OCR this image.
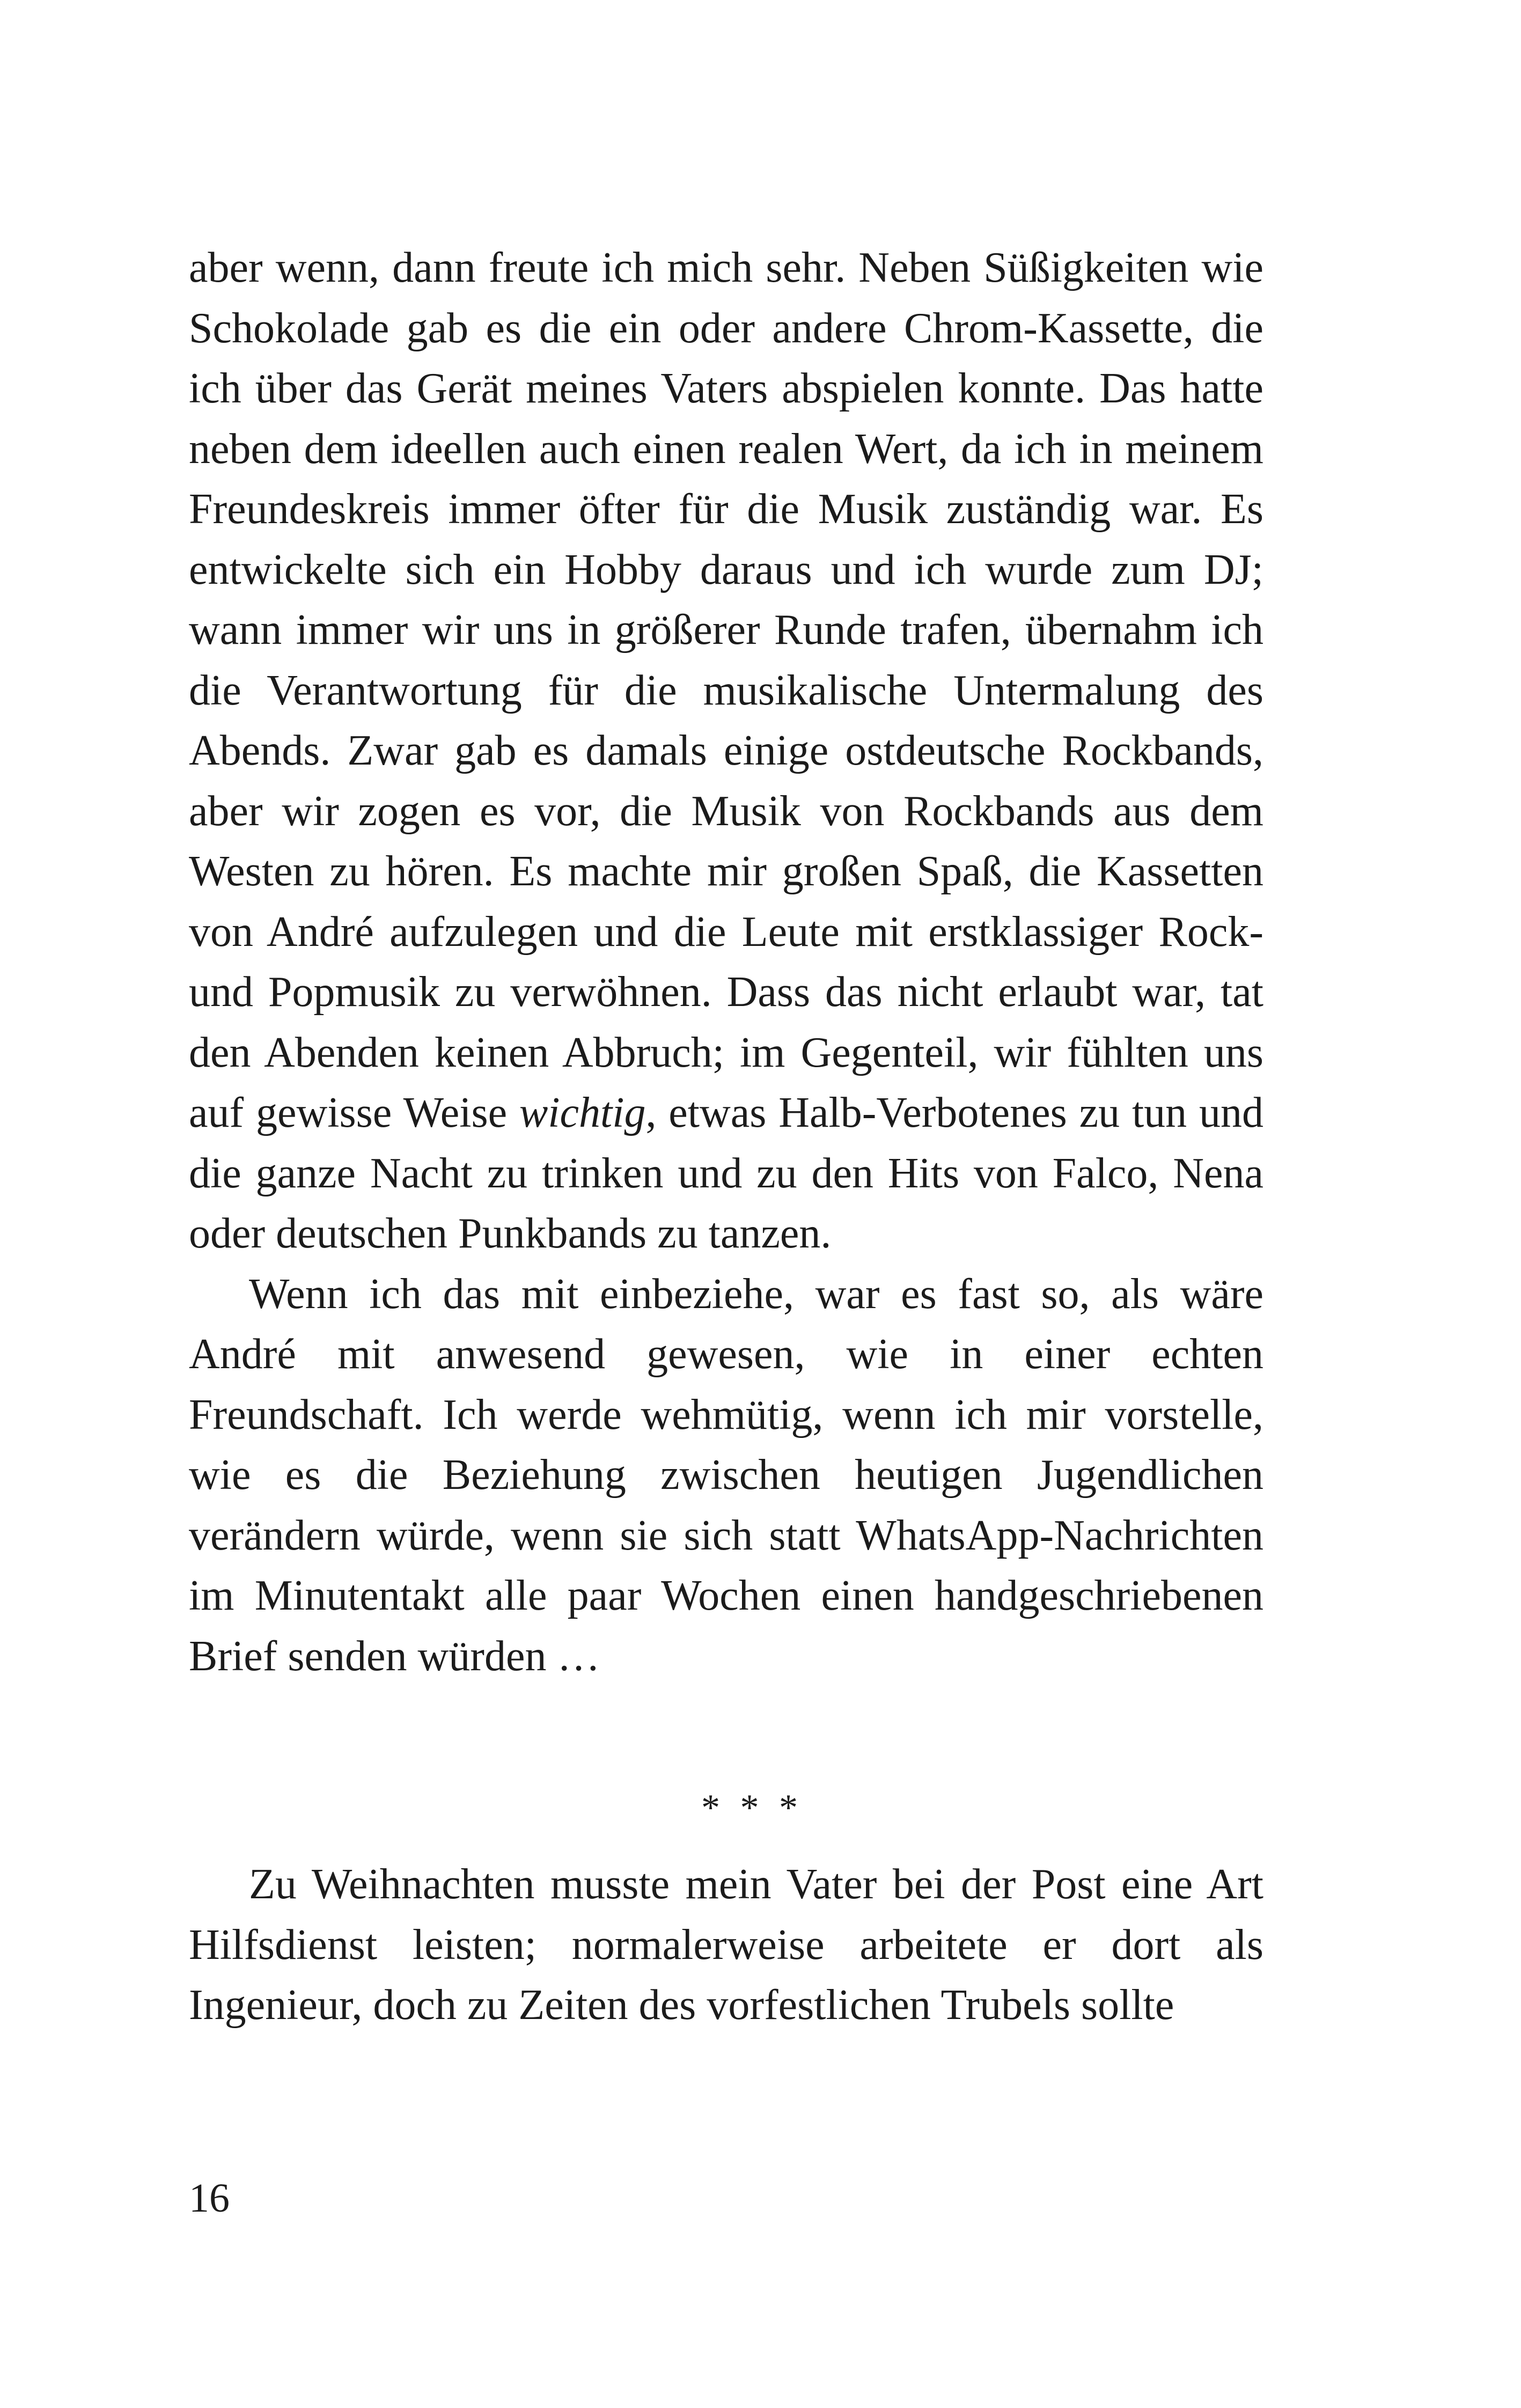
aber wenn, dann freute ich mich sehr. Neben Süßigkeiten wie Schokolade gab es die ein oder andere Chrom-Kassette, die ich über das Gerät meines Vaters abspielen konnte. Das hatte neben dem ideellen auch einen realen Wert, da ich in meinem Freundeskreis immer öfter für die Musik zuständig war. Es entwickelte sich ein Hobby daraus und ich wurde zum DJ; wann immer wir uns in größerer Runde trafen, übernahm ich die Verantwortung für die musikalische Untermalung des Abends. Zwar gab es damals einige ostdeutsche Rockbands, aber wir zogen es vor, die Musik von Rockbands aus dem Westen zu hören. Es machte mir großen Spaß, die Kassetten von André aufzulegen und die Leute mit erstklassiger Rock- und Popmusik zu verwöhnen. Dass das nicht erlaubt war, tat den Abenden keinen Abbruch; im Gegenteil, wir fühlten uns auf gewisse Weise wichtig, etwas Halb-Verbotenes zu tun und die ganze Nacht zu trinken und zu den Hits von Falco, Nena oder deutschen Punkbands zu tanzen.

Wenn ich das mit einbeziehe, war es fast so, als wäre André mit anwesend gewesen, wie in einer echten Freundschaft. Ich werde wehmütig, wenn ich mir vorstelle, wie es die Beziehung zwischen heutigen Jugendlichen verändern würde, wenn sie sich statt WhatsApp-Nachrichten im Minutentakt alle paar Wochen einen handgeschriebenen Brief senden würden …

* * *

Zu Weihnachten musste mein Vater bei der Post eine Art Hilfsdienst leisten; normalerweise arbeitete er dort als Ingenieur, doch zu Zeiten des vorfestlichen Trubels sollte

16
